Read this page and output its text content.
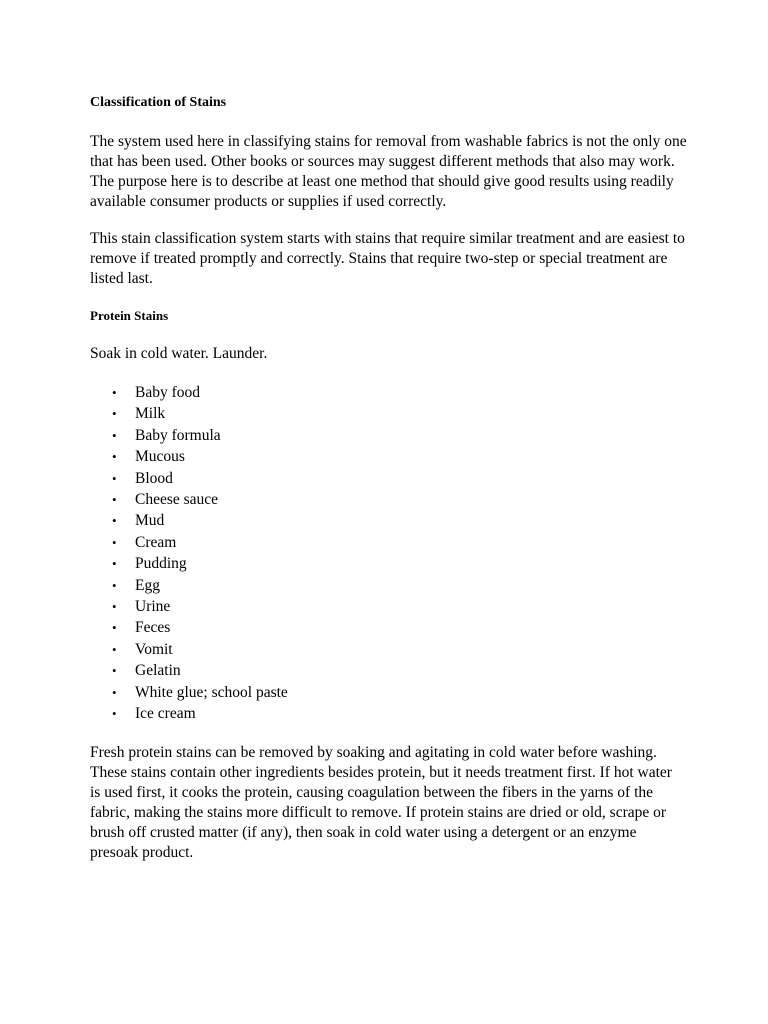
Classification of Stains

The system used here in classifying stains for removal from washable fabrics is not the only one that has been used. Other books or sources may suggest different methods that also may work. The purpose here is to describe at least one method that should give good results using readily available consumer products or supplies if used correctly.

This stain classification system starts with stains that require similar treatment and are easiest to remove if treated promptly and correctly. Stains that require two-step or special treatment are listed last.

Protein Stains

Soak in cold water. Launder.

• Baby food
• Milk
• Baby formula
• Mucous
• Blood
• Cheese sauce
• Mud
• Cream
• Pudding
• Egg
• Urine
• Feces
• Vomit
• Gelatin
• White glue; school paste
• Ice cream

Fresh protein stains can be removed by soaking and agitating in cold water before washing. These stains contain other ingredients besides protein, but it needs treatment first. If hot water is used first, it cooks the protein, causing coagulation between the fibers in the yarns of the fabric, making the stains more difficult to remove. If protein stains are dried or old, scrape or brush off crusted matter (if any), then soak in cold water using a detergent or an enzyme presoak product.
